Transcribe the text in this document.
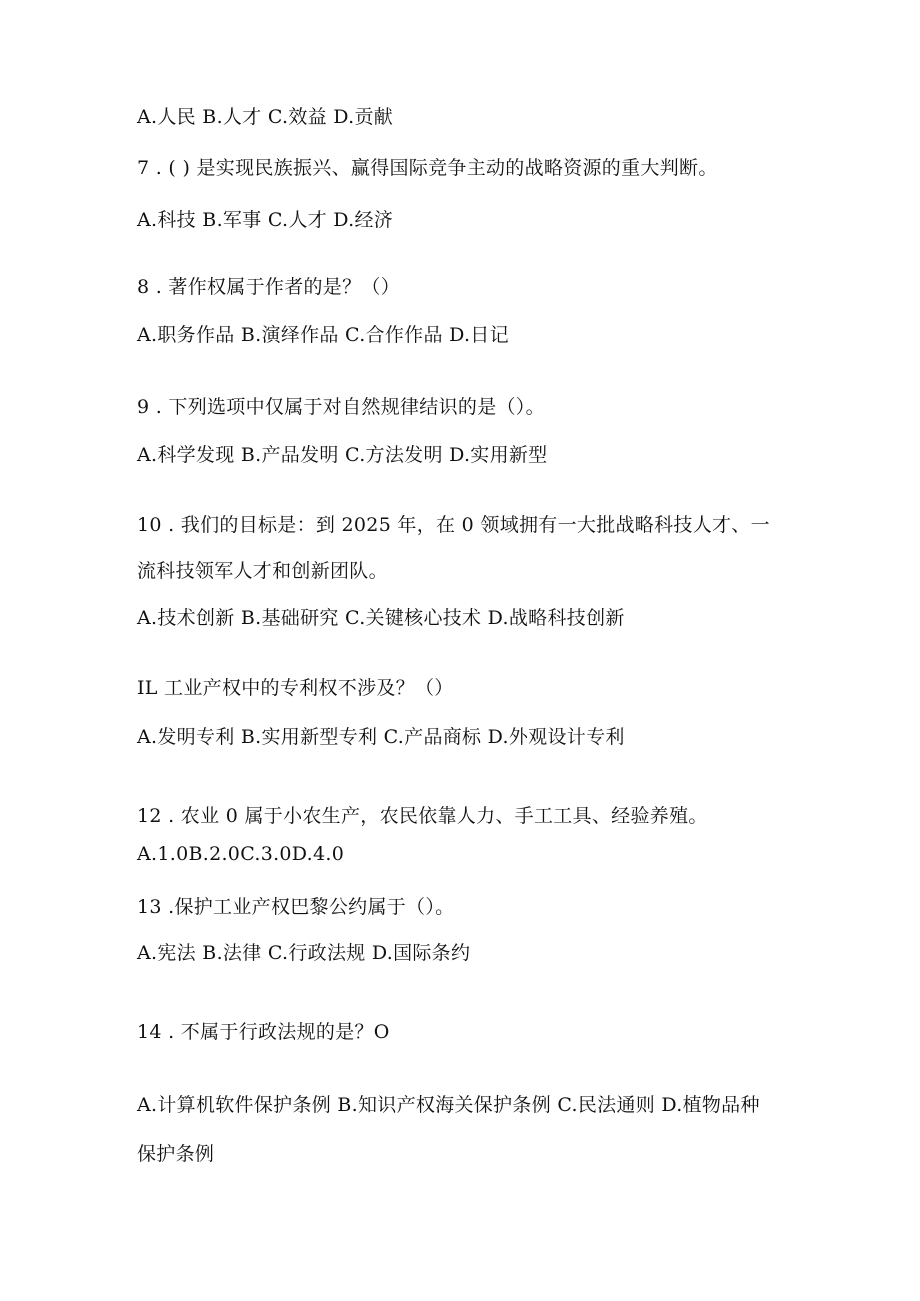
A.人民 B.人才 C.效益 D.贡献
7 . ( ) 是实现民族振兴、赢得国际竞争主动的战略资源的重大判断。
A.科技 B.军事 C.人才 D.经济
8 . 著作权属于作者的是？（）
A.职务作品 B.演绎作品 C.合作作品 D.日记
9 . 下列选项中仅属于对自然规律结识的是（）。
A.科学发现 B.产品发明 C.方法发明 D.实用新型
10 . 我们的目标是：到 2025 年，在 0 领域拥有一大批战略科技人才、一
流科技领军人才和创新团队。
A.技术创新 B.基础研究 C.关键核心技术 D.战略科技创新
IL 工业产权中的专利权不涉及？（）
A.发明专利 B.实用新型专利 C.产品商标 D.外观设计专利
12 . 农业 0 属于小农生产，农民依靠人力、手工工具、经验养殖。
A.1.0B.2.0C.3.0D.4.0
13 .保护工业产权巴黎公约属于（）。
A.宪法 B.法律 C.行政法规 D.国际条约
14 . 不属于行政法规的是？O
A.计算机软件保护条例 B.知识产权海关保护条例 C.民法通则 D.植物品种
保护条例
